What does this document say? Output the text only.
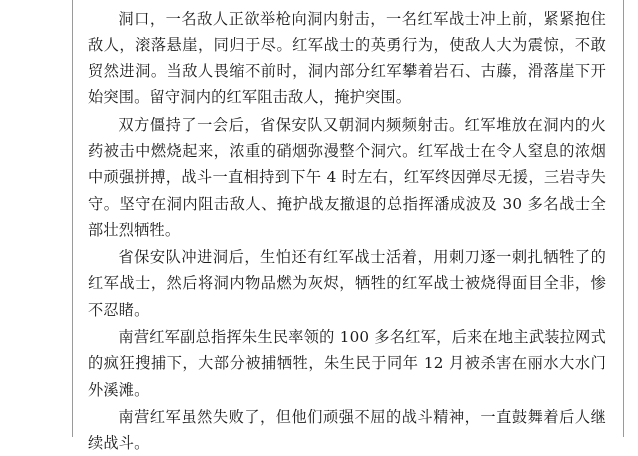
洞口，一名敌人正欲举枪向洞内射击，一名红军战士冲上前，紧紧抱住敌人，滚落悬崖，同归于尽。红军战士的英勇行为，使敌人大为震惊，不敢贸然进洞。当敌人畏缩不前时，洞内部分红军攀着岩石、古藤，滑落崖下开始突围。留守洞内的红军阻击敌人，掩护突围。

双方僵持了一会后，省保安队又朝洞内频频射击。红军堆放在洞内的火药被击中燃烧起来，浓重的硝烟弥漫整个洞穴。红军战士在令人窒息的浓烟中顽强拼搏，战斗一直相持到下午 4 时左右，红军终因弹尽无援，三岩寺失守。坚守在洞内阻击敌人、掩护战友撤退的总指挥潘成波及 30 多名战士全部壮烈牺牲。

省保安队冲进洞后，生怕还有红军战士活着，用刺刀逐一刺扎牺牲了的红军战士，然后将洞内物品燃为灰烬，牺牲的红军战士被烧得面目全非，惨不忍睹。

南营红军副总指挥朱生民率领的 100 多名红军，后来在地主武装拉网式的疯狂搜捕下，大部分被捕牺牲，朱生民于同年 12 月被杀害在丽水大水门外溪滩。

南营红军虽然失败了，但他们顽强不屈的战斗精神，一直鼓舞着后人继续战斗。
